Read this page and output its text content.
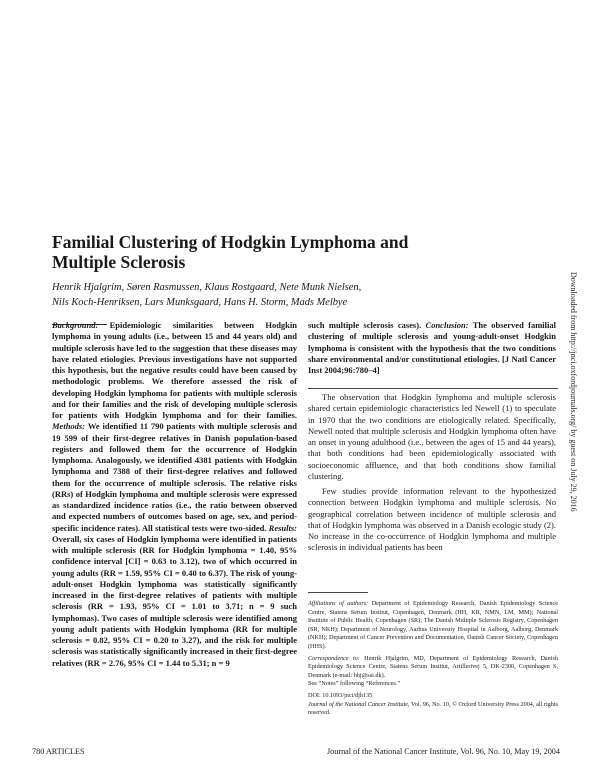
Familial Clustering of Hodgkin Lymphoma and
Multiple Sclerosis
Henrik Hjalgrim, Søren Rasmussen, Klaus Rostgaard, Nete Munk Nielsen,
Nils Koch-Henriksen, Lars Munksgaard, Hans H. Storm, Mads Melbye	Downloaded from http://jnci.oxfordjournals.org/ by guest on July 29, 2016

Background: Epidemiologic similarities between Hodgkin lymphoma in young adults (i.e., between 15 and 44 years old) and multiple sclerosis have led to the suggestion that these diseases may have related etiologies. Previous investigations have not supported this hypothesis, but the negative results could have been caused by methodologic problems. We therefore assessed the risk of developing Hodgkin lymphoma for patients with multiple sclerosis and for their families and the risk of developing multiple sclerosis for patients with Hodgkin lymphoma and for their families. Methods: We identified 11 790 patients with multiple sclerosis and 19 599 of their first-degree relatives in Danish population-based registers and followed them for the occurrence of Hodgkin lymphoma. Analogously, we identified 4381 patients with Hodgkin lymphoma and 7388 of their first-degree relatives and followed them for the occurrence of multiple sclerosis. The relative risks (RRs) of Hodgkin lymphoma and multiple sclerosis were expressed as standardized incidence ratios (i.e., the ratio between observed and expected numbers of outcomes based on age, sex, and period-specific incidence rates). All statistical tests were two-sided. Results: Overall, six cases of Hodgkin lymphoma were identified in patients with multiple sclerosis (RR for Hodgkin lymphoma = 1.40, 95% confidence interval [CI] = 0.63 to 3.12), two of which occurred in young adults (RR = 1.59, 95% CI = 0.40 to 6.37). The risk of young-adult-onset Hodgkin lymphoma was statistically significantly increased in the first-degree relatives of patients with multiple sclerosis (RR = 1.93, 95% CI = 1.01 to 3.71; n = 9 such lymphomas). Two cases of multiple sclerosis were identified among young adult patients with Hodgkin lymphoma (RR for multiple sclerosis = 0.82, 95% CI = 0.20 to 3.27), and the risk for multiple sclerosis was statistically significantly increased in their first-degree relatives (RR = 2.76, 95% CI = 1.44 to 5.31; n = 9

such multiple sclerosis cases). Conclusion: The observed familial clustering of multiple sclerosis and young-adult-onset Hodgkin lymphoma is consistent with the hypothesis that the two conditions share environmental and/or constitutional etiologies. [J Natl Cancer Inst 2004;96:780–4]

The observation that Hodgkin lymphoma and multiple sclerosis shared certain epidemiologic characteristics led Newell (1) to speculate in 1970 that the two conditions are etiologically related. Specifically, Newell noted that multiple sclerosis and Hodgkin lymphoma often have an onset in young adulthood (i.e., between the ages of 15 and 44 years), that both conditions had been epidemiologically associated with socioeconomic affluence, and that both conditions show familial clustering.

Few studies provide information relevant to the hypothesized connection between Hodgkin lymphoma and multiple sclerosis. No geographical correlation between incidence of multiple sclerosis and that of Hodgkin lymphoma was observed in a Danish ecologic study (2). No increase in the co-occurrence of Hodgkin lymphoma and multiple sclerosis in individual patients has been

Affiliations of authors: Department of Epidemiology Research, Danish Epidemiology Science Centre, Statens Serum Institut, Copenhagen, Denmark (HH, KR, NMN, LM, MM); National Institute of Public Health, Copenhagen (SR); The Danish Multiple Sclerosis Registry, Copenhagen (SR, NKH); Department of Neurology, Aarhus University Hospital in Aalborg, Aalborg, Denmark (NKH); Department of Cancer Prevention and Documentation, Danish Cancer Society, Copenhagen (HHS).

Correspondence to: Henrik Hjalgrim, MD, Department of Epidemiology Research, Danish Epidemiology Science Centre, Statens Serum Institut, Artillerivej 5, DK-2300, Copenhagen S, Denmark (e-mail: hhj@ssi.dk).

See “Notes” following “References.”

DOI: 10.1093/jnci/djh135

Journal of the National Cancer Institute, Vol. 96, No. 10, © Oxford University Press 2004, all rights reserved.

780 ARTICLES	Journal of the National Cancer Institute, Vol. 96, No. 10, May 19, 2004
